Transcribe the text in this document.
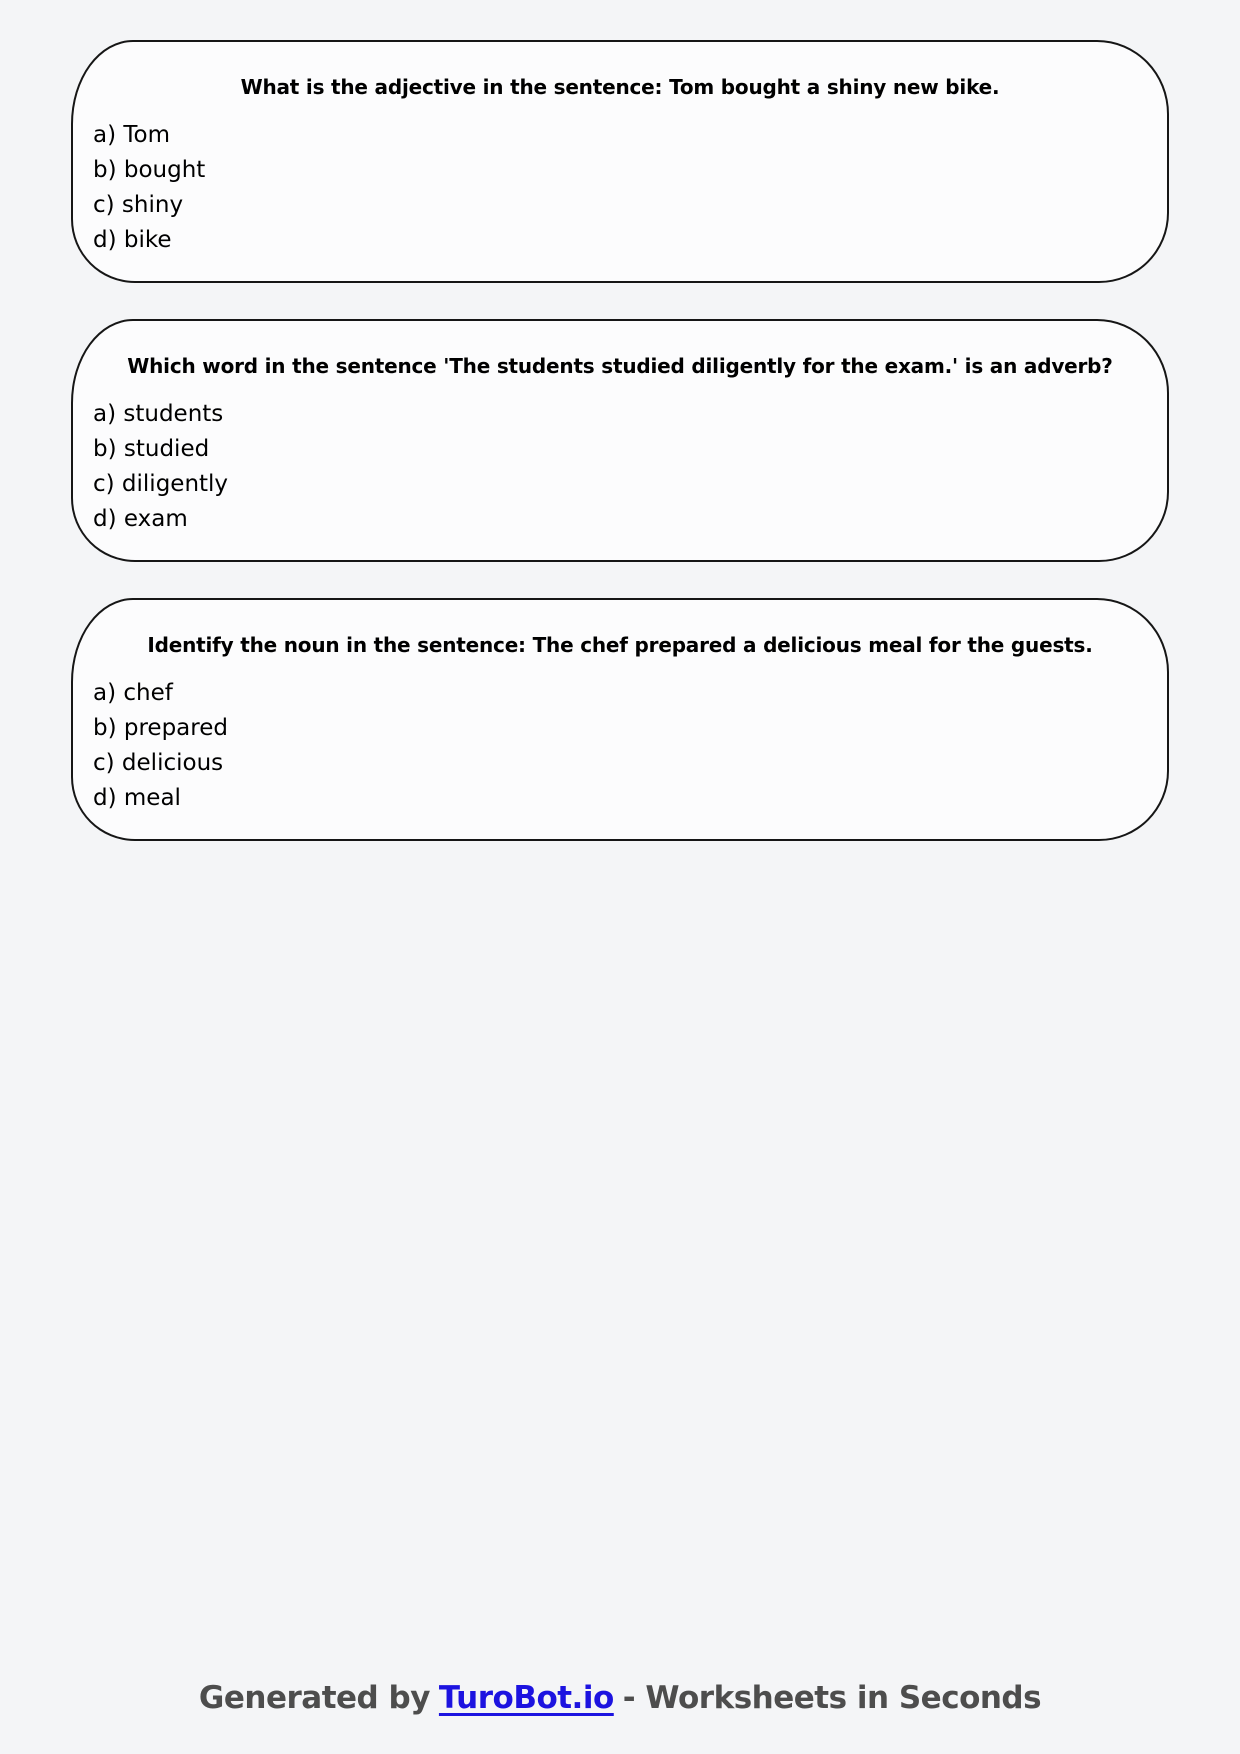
What is the adjective in the sentence: Tom bought a shiny new bike.
a) Tom
b) bought
c) shiny
d) bike
Which word in the sentence 'The students studied diligently for the exam.' is an adverb?
a) students
b) studied
c) diligently
d) exam
Identify the noun in the sentence: The chef prepared a delicious meal for the guests.
a) chef
b) prepared
c) delicious
d) meal
Generated by TuroBot.io - Worksheets in Seconds
